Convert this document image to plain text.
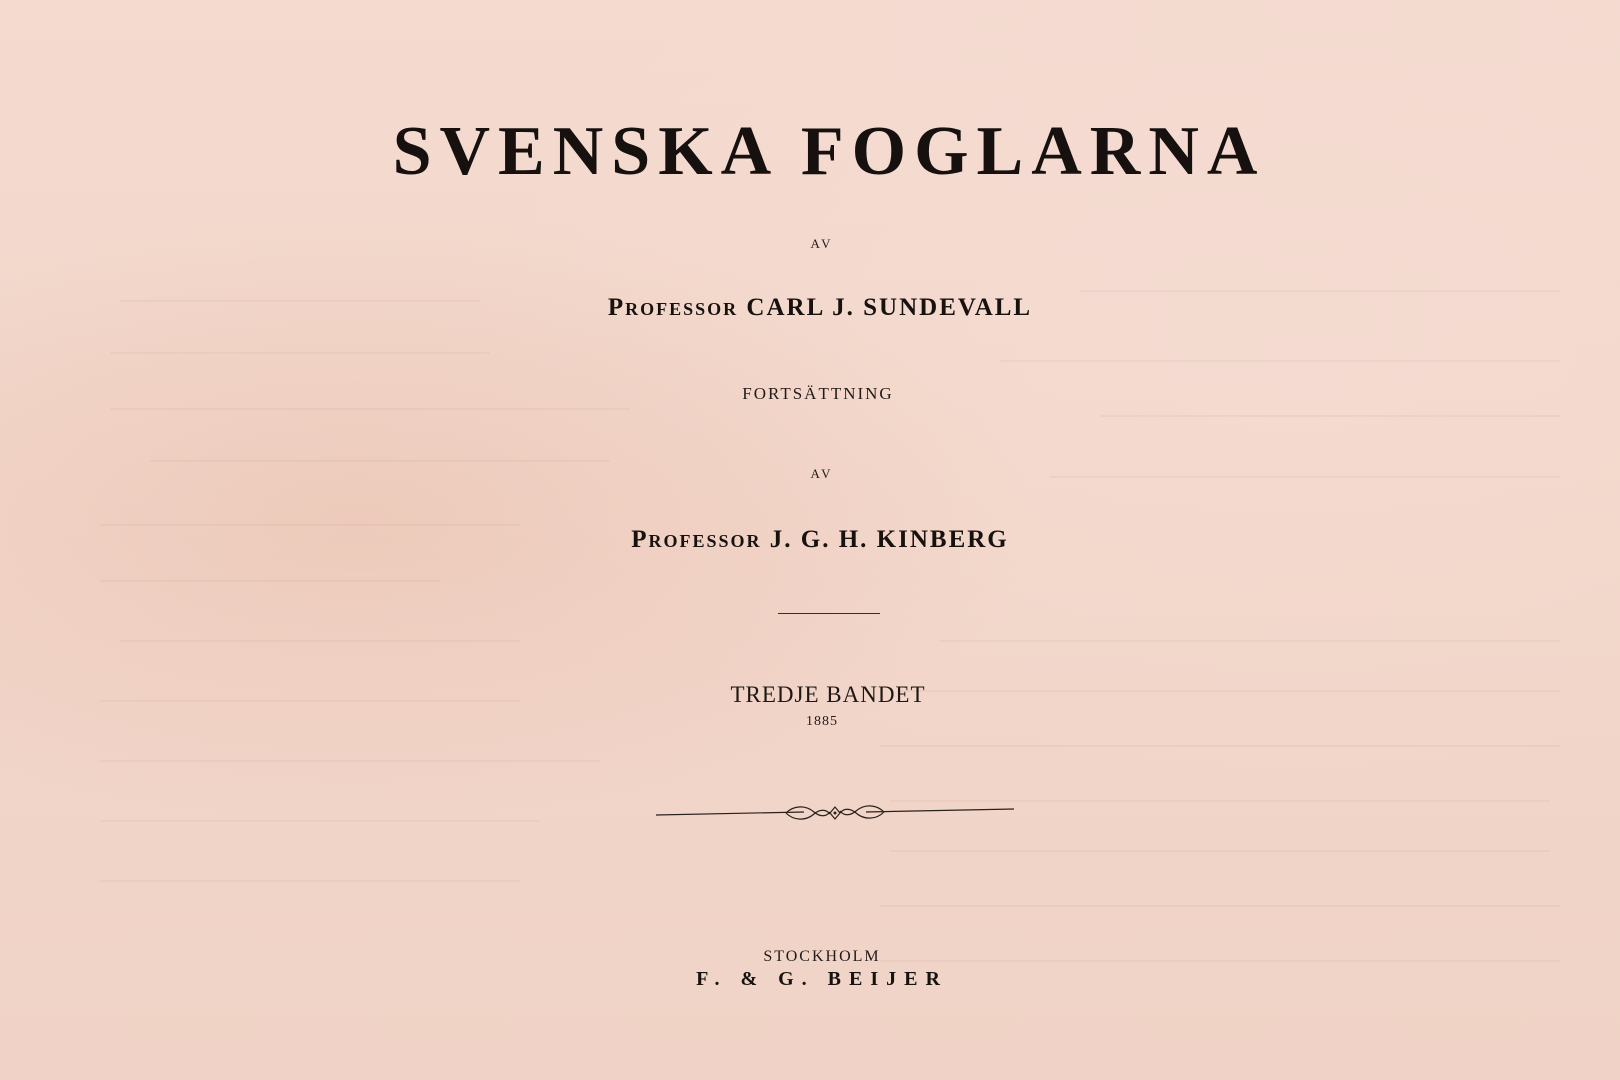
SVENSKA FOGLARNA

AV

Professor CARL J. SUNDEVALL

FORTSÄTTNING

AV

Professor J. G. H. KINBERG

TREDJE BANDET

1885

STOCKHOLM

F. & G. BEIJER
